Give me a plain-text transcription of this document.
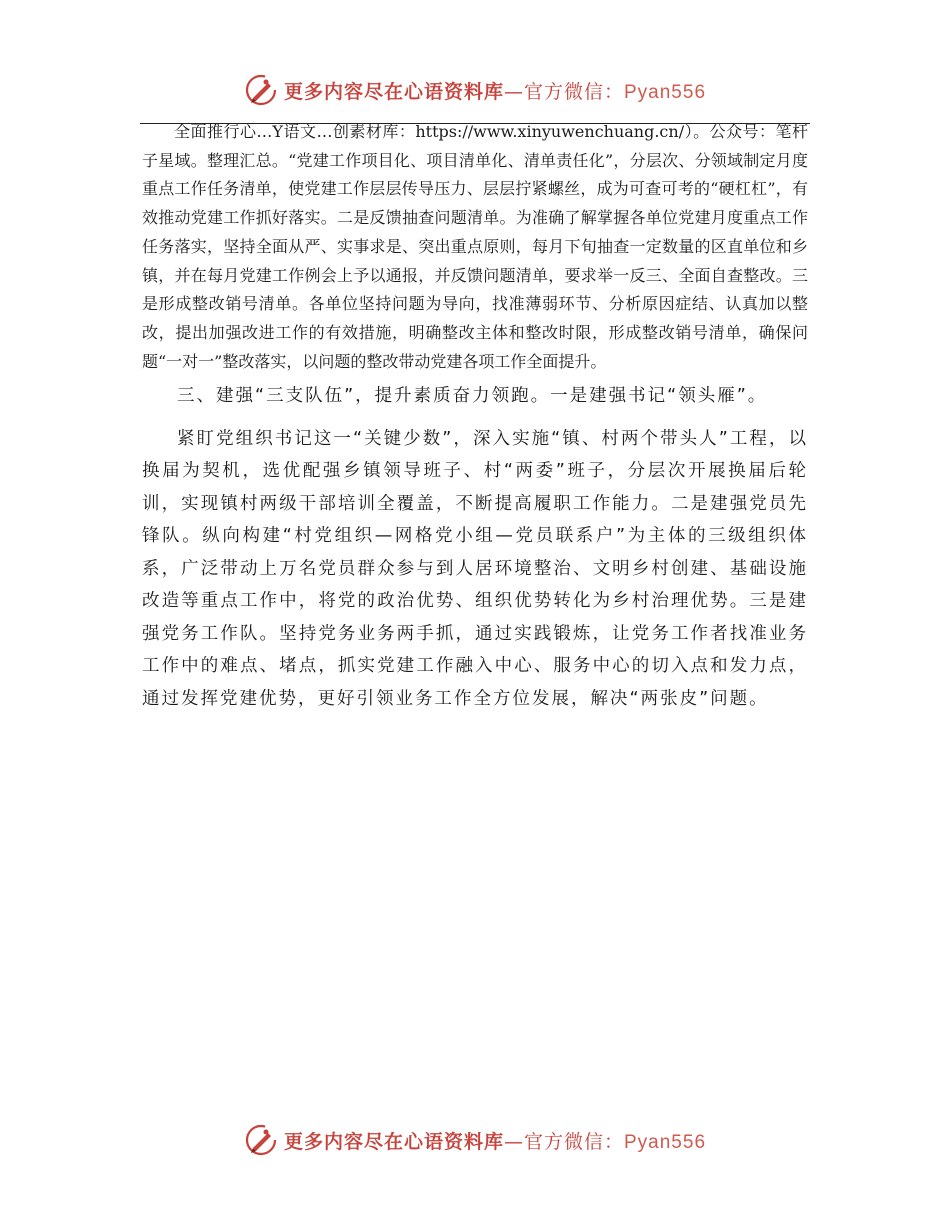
更多内容尽在心语资料库—官方微信：Pyan556

全面推行心…Y语文…创素材库：https://www.xinyuwenchuang.cn/）。公众号：笔杆子星域。整理汇总。“党建工作项目化、项目清单化、清单责任化”，分层次、分领域制定月度重点工作任务清单，使党建工作层层传导压力、层层拧紧螺丝，成为可查可考的“硬杠杠”，有效推动党建工作抓好落实。二是反馈抽查问题清单。为准确了解掌握各单位党建月度重点工作任务落实，坚持全面从严、实事求是、突出重点原则，每月下旬抽查一定数量的区直单位和乡镇，并在每月党建工作例会上予以通报，并反馈问题清单，要求举一反三、全面自查整改。三是形成整改销号清单。各单位坚持问题为导向，找准薄弱环节、分析原因症结、认真加以整改，提出加强改进工作的有效措施，明确整改主体和整改时限，形成整改销号清单，确保问题“一对一”整改落实，以问题的整改带动党建各项工作全面提升。

三、建强“三支队伍”，提升素质奋力领跑。一是建强书记“领头雁”。

紧盯党组织书记这一“关键少数”，深入实施“镇、村两个带头人”工程，以换届为契机，选优配强乡镇领导班子、村“两委”班子，分层次开展换届后轮训，实现镇村两级干部培训全覆盖，不断提高履职工作能力。二是建强党员先锋队。纵向构建“村党组织—网格党小组—党员联系户”为主体的三级组织体系，广泛带动上万名党员群众参与到人居环境整治、文明乡村创建、基础设施改造等重点工作中，将党的政治优势、组织优势转化为乡村治理优势。三是建强党务工作队。坚持党务业务两手抓，通过实践锻炼，让党务工作者找准业务工作中的难点、堵点，抓实党建工作融入中心、服务中心的切入点和发力点，通过发挥党建优势，更好引领业务工作全方位发展，解决“两张皮”问题。

更多内容尽在心语资料库—官方微信：Pyan556
